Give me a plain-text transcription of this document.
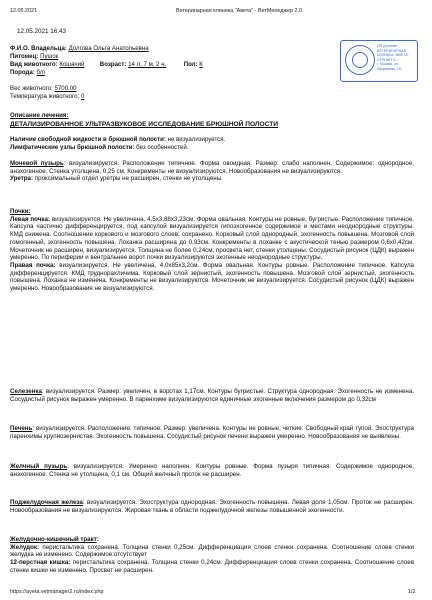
12.05.2021	Ветеринарная клиника "Авета" - ВетМенеджер 2.0
12.05.2021 16:43
Ф.И.О. Владельца: Долгова Ольга Анатольевна
Питомец: Пушок
Вид животного: Кошачий	Возраст: 14 л, 7 м, 2 н.	Пол: К
Порода: б/п
ИП Долгова
ВЕТЕРИНАРНАЯ
КЛИНИКА "АВЕТА"
ОГРНИП 3...
г. Москва, ул.
Ярцевская, 19
Вес животного: 5700.00
Температура животного: 0
Описание лечения:
ДЕТАЛИЗИРОВАННОЕ УЛЬТРАЗВУКОВОЕ ИССЛЕДОВАНИЕ БРЮШНОЙ ПОЛОСТИ
Наличие свободной жидкости в брюшной полости: не визуализируется.
Лимфатические узлы брюшной полости: без особенностей.

Мочевой пузырь: визуализируется. Расположение типичное. Форма овоидная. Размер: слабо наполнен. Содержимое: однородное, анэхогенное. Стенка утолщена, 0,25 см. Конкременты не визуализируются. Новообразования не визуализируются.

Уретра: проксимальный отдел уретры не расширен, стенки не утолщены.

Почки:

Левая почка: визуализируется. Не увеличена, 4,5х3,88х3,23см. Форма овальная. Контуры не ровные, бугристые. Расположение типичное. Капсула частично дифференцируется, под капсулой визуализируется гипоэхогенное содержимое и местами неоднородные структуры. КМД снижена. Соотношение коркового и мозгового слоев: сохранено. Корковый слой однородный, эхогенность повышена. Мозговой слой гомогенный, эхогенность повышена. Лоханка расширена до 0,93см. Конкременты в лоханке с акустической тенью размером 0,6х0,42см. Мочеточник не расширен, визуализируется. Толщина не более 0,24см, просвета нет, стенки утолщены. Сосудистый рисунок (ЦДК) выражен умеренно. По периферии и вентральнее ворот почки визуализируются эхогенные неоднородные структуры.

Правая почка: визуализируется. Не увеличена, 4,0х85х3,2см. Форма овальная. Контуры ровные. Расположение типичное. Капсула дифференцируется. КМД труднорахличима. Корковый слой зернистый, эхогенность повышена. Мозговой слой зернистый, эхогенность повышена. Лоханка не изменена. Конкременты не визуализируются. Мочеточник не визуализируется. Сосудистый рисунок (ЦДК) выражен умеренно. Новообразования не визуализируются.

Селезенка: визуализируется. Размер: увеличен, в воротах 1,17см. Контуры бугристые. Структура однородная. Эхогенность не изменена. Сосудистый рисунок выражен умеренно. В паренхиме визуализируются единичные эхогенные включения размером до 0,32см

Печень: визуализируется. Расположение: типичное. Размер: увеличена. Контуры не ровные, четкие. Свободный край тупой. Эхоструктура паренхимы крупнозернистая. Эхогенность повышена. Сосудистый рисунок печени выражен умеренно. Новообразования не выявлены.

Желчный пузырь: визуализируется. Умеренно наполнен. Контуры ровные. Форма пузыря типичная. Содержимое однородное, анэхогенное. Стенка не утолщена, 0,1 см. Общий желчный проток не расширен.

Поджелудочная железа: визуализируется. Эхоструктура однородная. Эхогенность повышена. Левая доля 1,05см. Проток не расширен. Новообразования не визуализируются. Жировая ткань в области поджелудочной железы повышенной эхогенности.

Желудочно-кишечный тракт:

Желудок: перистальтика сохранена. Толщина стенки 0,25см. Дифференциация слоев стенки сохранена. Соотношение слоев стенки желудка не изменено. Содержимое:отсутствует

12-перстная кишка: перистальтика сохранена. Толщина стенки 0,24см. Дифференциация слоев стенки сохранена. Соотношение слоев стенки кишки не изменено. Просвет не расширен.

https://aveta.vetmanager2.ru/index.php	1/2
